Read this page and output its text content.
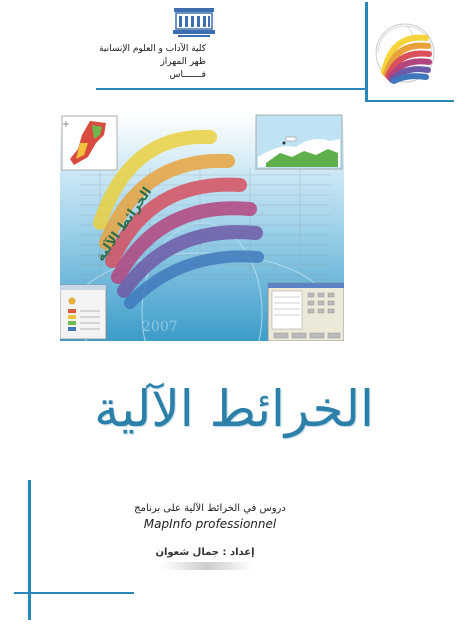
كلية الآداب و العلوم الإنسانية
ظهر المهراز
فـــــــاس
2007
الخرائط الآلية
الخرائط الآلية
دروس في الخرائط الآلية على برنامج
MapInfo professionnel
إعداد : جمال شعوان
